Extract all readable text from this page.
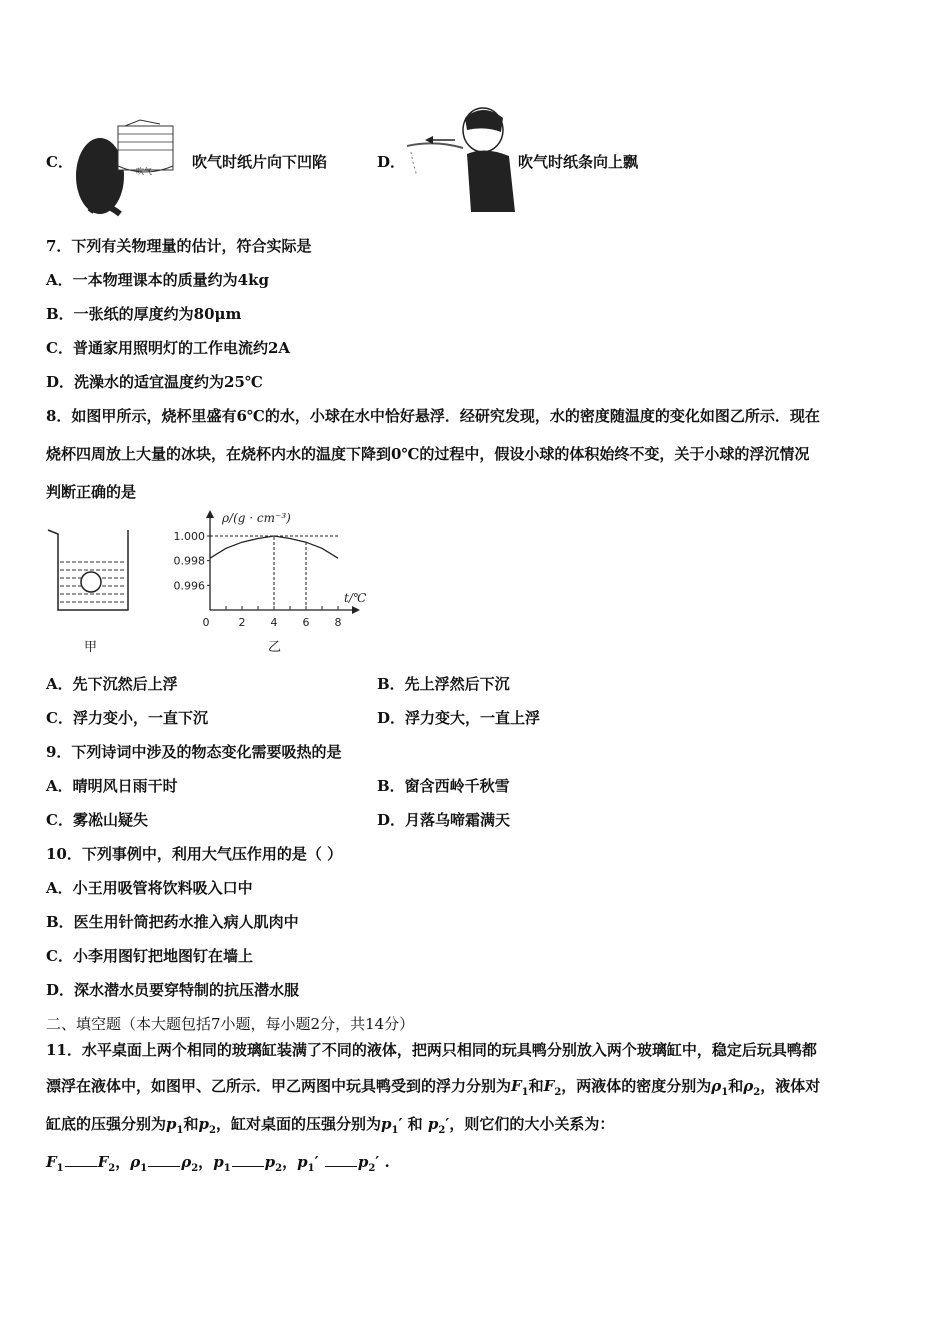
C．
吹气
吹气时纸片向下凹陷	D．	吹气时纸条向上飘
7．下列有关物理量的估计，符合实际是
A．一本物理课本的质量约为4kg
B．一张纸的厚度约为80μm
C．普通家用照明灯的工作电流约2A
D．洗澡水的适宜温度约为25℃
8．如图甲所示，烧杯里盛有6℃的水，小球在水中恰好悬浮．经研究发现，水的密度随温度的变化如图乙所示．现在
烧杯四周放上大量的冰块，在烧杯内水的温度下降到0℃的过程中，假设小球的体积始终不变，关于小球的浮沉情况
判断正确的是
甲
ρ/(g · cm⁻³)
t/℃
1.000
0.998
0.996
0	2 4 6 8
乙
A．先下沉然后上浮	B．先上浮然后下沉
C．浮力变小，一直下沉	D．浮力变大，一直上浮
9．下列诗词中涉及的物态变化需要吸热的是
A．晴明风日雨干时	B．窗含西岭千秋雪
C．雾凇山疑失	D．月落乌啼霜满天
10．下列事例中，利用大气压作用的是（ ）
A．小王用吸管将饮料吸入口中
B．医生用针筒把药水推入病人肌肉中
C．小李用图钉把地图钉在墙上
D．深水潜水员要穿特制的抗压潜水服
二、填空题（本大题包括7小题，每小题2分，共14分）
11．水平桌面上两个相同的玻璃缸装满了不同的液体，把两只相同的玩具鸭分别放入两个玻璃缸中，稳定后玩具鸭都
漂浮在液体中，如图甲、乙所示．甲乙两图中玩具鸭受到的浮力分别为$F_1$和$F_2$，两液体的密度分别为$\rho_1$和$\rho_2$，液体对
缸底的压强分别为$p_1$和$p_2$，缸对桌面的压强分别为$p_1'$ 和 $p_2'$，则它们的大小关系为：
$F_1$ $F_2$，$\rho_1$ $\rho_2$，$p_1$ $p_2$，$p_1'$	$p_2'$ .
